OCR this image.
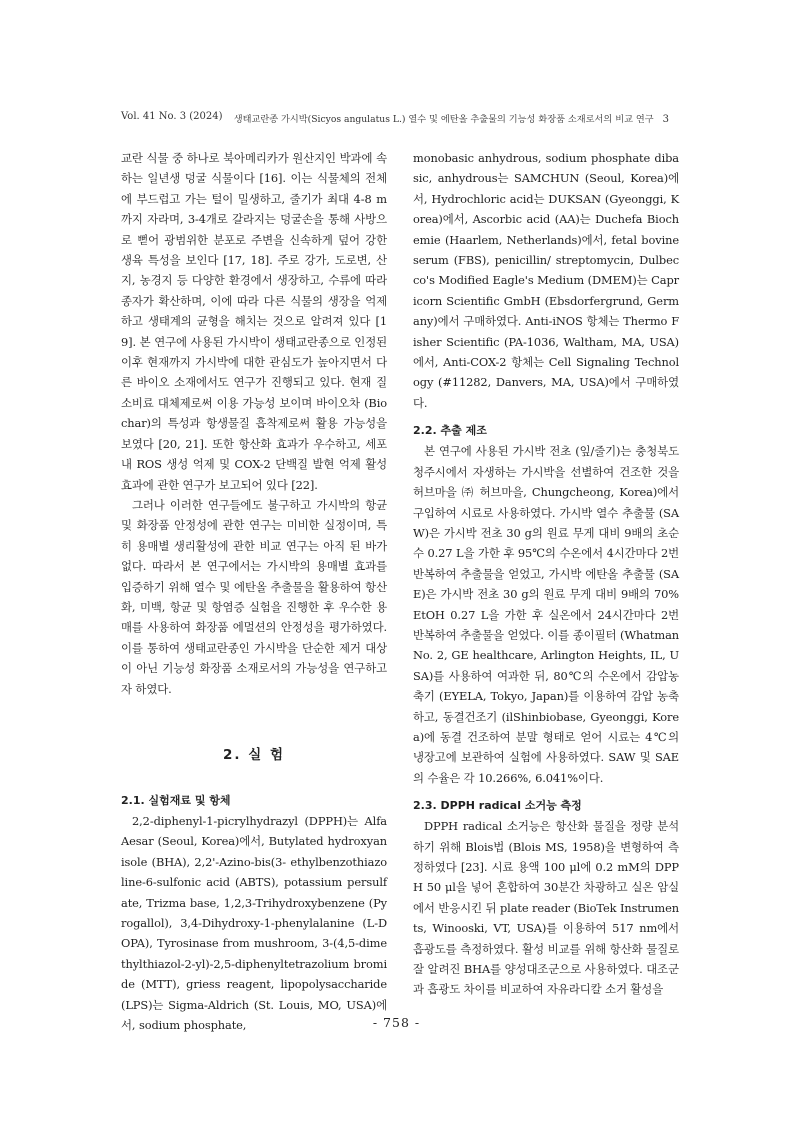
Vol. 41 No. 3 (2024) 생태교란종 가시박(Sicyos angulatus L.) 열수 및 에탄올 추출물의 기능성 화장품 소재로서의 비교 연구 3

교란 식물 중 하나로 북아메리카가 원산지인 박과에 속하는 일년생 덩굴 식물이다 [16]. 이는 식물체의 전체에 부드럽고 가는 털이 밀생하고, 줄기가 최대 4-8 m까지 자라며, 3-4개로 갈라지는 덩굴손을 통해 사방으로 뻗어 광범위한 분포로 주변을 신속하게 덮어 강한 생육 특성을 보인다 [17, 18]. 주로 강가, 도로변, 산지, 농경지 등 다양한 환경에서 생장하고, 수류에 따라 종자가 확산하며, 이에 따라 다른 식물의 생장을 억제하고 생태계의 균형을 해치는 것으로 알려져 있다 [19]. 본 연구에 사용된 가시박이 생태교란종으로 인정된 이후 현재까지 가시박에 대한 관심도가 높아지면서 다른 바이오 소재에서도 연구가 진행되고 있다. 현재 질소비료 대체제로써 이용 가능성 보이며 바이오차 (Biochar)의 특성과 항생물질 흡착제로써 활용 가능성을 보였다 [20, 21]. 또한 항산화 효과가 우수하고, 세포 내 ROS 생성 억제 및 COX-2 단백질 발현 억제 활성 효과에 관한 연구가 보고되어 있다 [22].

그러나 이러한 연구들에도 불구하고 가시박의 항균 및 화장품 안정성에 관한 연구는 미비한 실정이며, 특히 용매별 생리활성에 관한 비교 연구는 아직 된 바가 없다. 따라서 본 연구에서는 가시박의 용매별 효과를 입증하기 위해 열수 및 에탄올 추출물을 활용하여 항산화, 미백, 항균 및 항염증 실험을 진행한 후 우수한 용매를 사용하여 화장품 에멀션의 안정성을 평가하였다. 이를 통하여 생태교란종인 가시박을 단순한 제거 대상이 아닌 기능성 화장품 소재로서의 가능성을 연구하고자 하였다.

2. 실 험
2.1. 실험재료 및 항체

2,2-diphenyl-1-picrylhydrazyl (DPPH)는 Alfa Aesar (Seoul, Korea)에서, Butylated hydroxyanisole (BHA), 2,2'-Azino-bis(3- ethylbenzothiazoline-6-sulfonic acid (ABTS), potassium persulfate, Trizma base, 1,2,3-Trihydroxybenzene (Pyrogallol), 3,4-Dihydroxy-1-phenylalanine (L-DOPA), Tyrosinase from mushroom, 3-(4,5-dimethylthiazol-2-yl)-2,5-diphenyltetrazolium bromide (MTT), griess reagent, lipopolysaccharide (LPS)는 Sigma-Aldrich (St. Louis, MO, USA)에서, sodium phosphate,

monobasic anhydrous, sodium phosphate dibasic, anhydrous는 SAMCHUN (Seoul, Korea)에서, Hydrochloric acid는 DUKSAN (Gyeonggi, Korea)에서, Ascorbic acid (AA)는 Duchefa Biochemie (Haarlem, Netherlands)에서, fetal bovine serum (FBS), penicillin/ streptomycin, Dulbecco's Modified Eagle's Medium (DMEM)는 Capricorn Scientific GmbH (Ebsdorfergrund, Germany)에서 구매하였다. Anti-iNOS 항체는 Thermo Fisher Scientific (PA-1036, Waltham, MA, USA)에서, Anti-COX-2 항체는 Cell Signaling Technology (#11282, Danvers, MA, USA)에서 구매하였다.

2.2. 추출 제조

본 연구에 사용된 가시박 전초 (잎/줄기)는 충청북도 청주시에서 자생하는 가시박을 선별하여 건조한 것을 허브마을 ㈜ 허브마을, Chungcheong, Korea)에서 구입하여 시료로 사용하였다. 가시박 열수 추출물 (SAW)은 가시박 전초 30 g의 원료 무게 대비 9배의 초순수 0.27 L을 가한 후 95℃의 수온에서 4시간마다 2번 반복하여 추출물을 얻었고, 가시박 에탄올 추출물 (SAE)은 가시박 전초 30 g의 원료 무게 대비 9배의 70% EtOH 0.27 L을 가한 후 실온에서 24시간마다 2번 반복하여 추출물을 얻었다. 이를 종이필터 (Whatman No. 2, GE healthcare, Arlington Heights, IL, USA)를 사용하여 여과한 뒤, 80℃의 수온에서 감압농축기 (EYELA, Tokyo, Japan)를 이용하여 감압 농축하고, 동결건조기 (ilShinbiobase, Gyeonggi, Korea)에 동결 건조하여 분말 형태로 얻어 시료는 4℃의 냉장고에 보관하여 실험에 사용하였다. SAW 및 SAE의 수율은 각 10.266%, 6.041%이다.

2.3. DPPH radical 소거능 측정

DPPH radical 소거능은 항산화 물질을 정량 분석하기 위해 Blois법 (Blois MS, 1958)을 변형하여 측정하였다 [23]. 시료 용액 100 μl에 0.2 mM의 DPPH 50 μl을 넣어 혼합하여 30분간 차광하고 실온 암실에서 반응시킨 뒤 plate reader (BioTek Instruments, Winooski, VT, USA)를 이용하여 517 nm에서 흡광도를 측정하였다. 활성 비교를 위해 항산화 물질로 잘 알려진 BHA를 양성대조군으로 사용하였다. 대조군과 흡광도 차이를 비교하여 자유라디칼 소거 활성을

- 758 -
